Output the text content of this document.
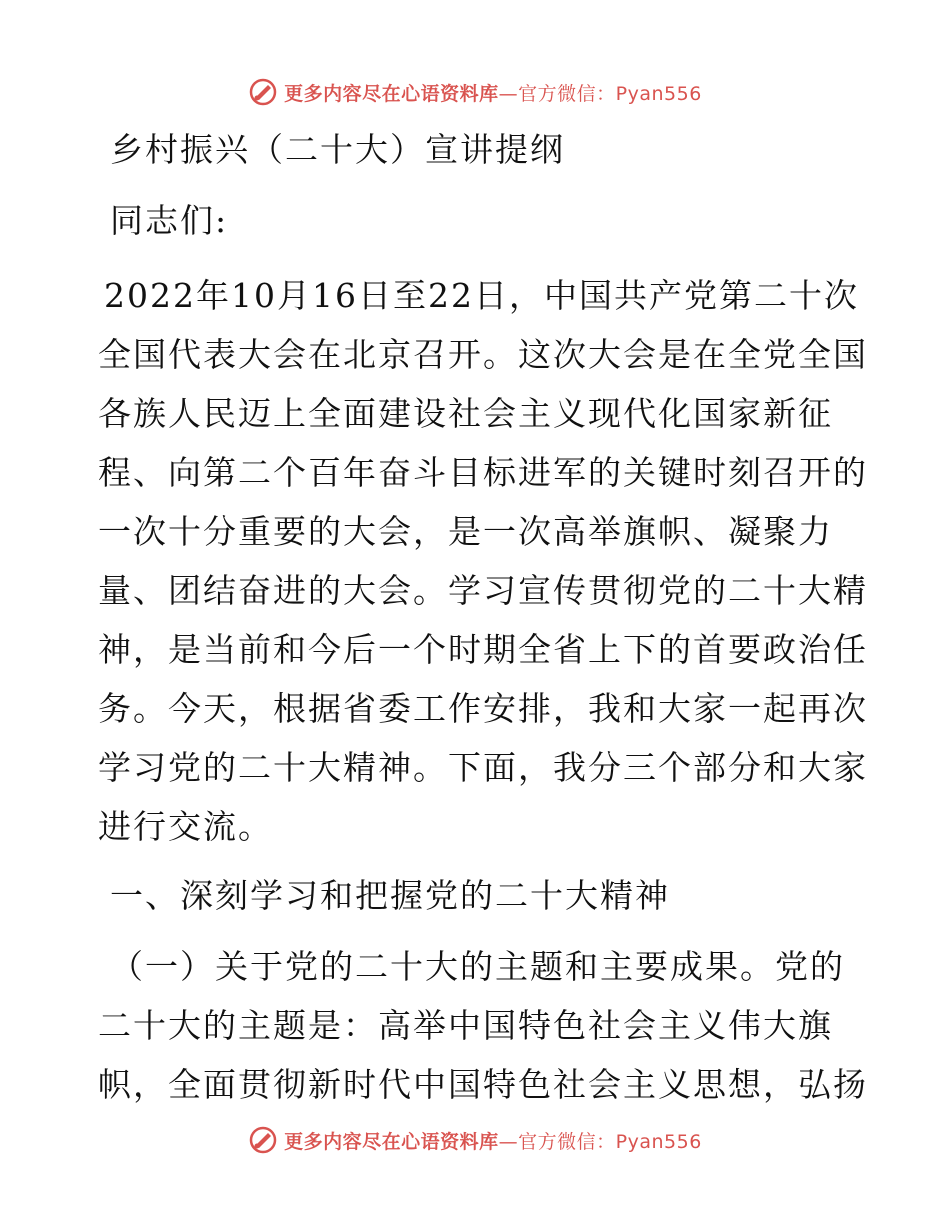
更多内容尽在心语资料库—官方微信：Pyan556
乡村振兴（二十大）宣讲提纲
同志们:
2022年10月16日至22日，中国共产党第二十次
全国代表大会在北京召开。这次大会是在全党全国
各族人民迈上全面建设社会主义现代化国家新征
程、向第二个百年奋斗目标进军的关键时刻召开的
一次十分重要的大会，是一次高举旗帜、凝聚力
量、团结奋进的大会。学习宣传贯彻党的二十大精
神，是当前和今后一个时期全省上下的首要政治任
务。今天，根据省委工作安排，我和大家一起再次
学习党的二十大精神。下面，我分三个部分和大家
进行交流。
一、深刻学习和把握党的二十大精神
（一）关于党的二十大的主题和主要成果。党的
二十大的主题是：高举中国特色社会主义伟大旗
帜，全面贯彻新时代中国特色社会主义思想，弘扬
更多内容尽在心语资料库—官方微信：Pyan556
